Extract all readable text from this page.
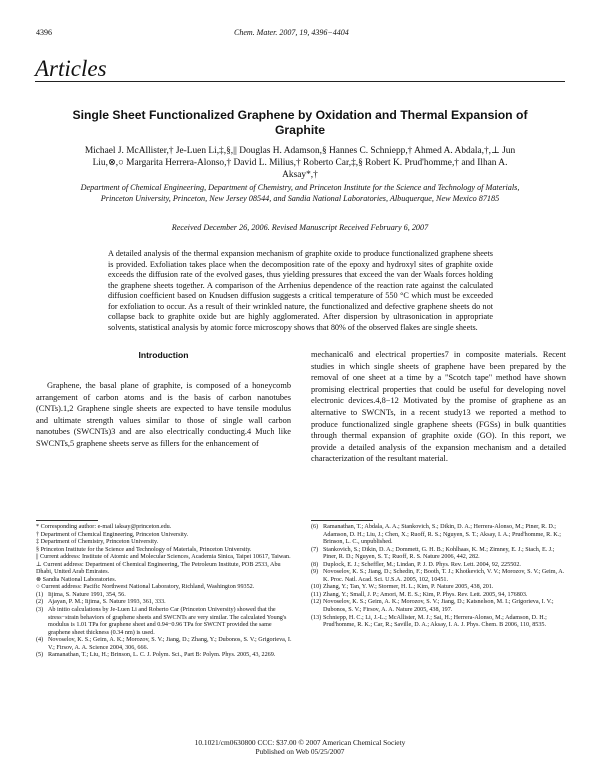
4396	Chem. Mater. 2007, 19, 4396−4404
Articles
Single Sheet Functionalized Graphene by Oxidation and Thermal Expansion of Graphite
Michael J. McAllister,† Je-Luen Li,‡,§,|| Douglas H. Adamson,§ Hannes C. Schniepp,† Ahmed A. Abdala,†,⊥ Jun Liu,⊗,○ Margarita Herrera-Alonso,† David L. Milius,† Roberto Car,‡,§ Robert K. Prud'homme,† and Ilhan A. Aksay*,†
Department of Chemical Engineering, Department of Chemistry, and Princeton Institute for the Science and Technology of Materials, Princeton University, Princeton, New Jersey 08544, and Sandia National Laboratories, Albuquerque, New Mexico 87185
Received December 26, 2006. Revised Manuscript Received February 6, 2007

A detailed analysis of the thermal expansion mechanism of graphite oxide to produce functionalized graphene sheets is provided. Exfoliation takes place when the decomposition rate of the epoxy and hydroxyl sites of graphite oxide exceeds the diffusion rate of the evolved gases, thus yielding pressures that exceed the van der Waals forces holding the graphene sheets together. A comparison of the Arrhenius dependence of the reaction rate against the calculated diffusion coefficient based on Knudsen diffusion suggests a critical temperature of 550 °C which must be exceeded for exfoliation to occur. As a result of their wrinkled nature, the functionalized and defective graphene sheets do not collapse back to graphite oxide but are highly agglomerated. After dispersion by ultrasonication in appropriate solvents, statistical analysis by atomic force microscopy shows that 80% of the observed flakes are single sheets.

Introduction

Graphene, the basal plane of graphite, is composed of a honeycomb arrangement of carbon atoms and is the basis of carbon nanotubes (CNTs).1,2 Graphene single sheets are expected to have tensile modulus and ultimate strength values similar to those of single wall carbon nanotubes (SWCNTs)3 and are also electrically conducting.4 Much like SWCNTs,5 graphene sheets serve as fillers for the enhancement of

mechanical6 and electrical properties7 in composite materials. Recent studies in which single sheets of graphene have been prepared by the removal of one sheet at a time by a "Scotch tape" method have shown promising electrical properties that could be useful for developing novel electronic devices.4,8−12 Motivated by the promise of graphene as an alternative to SWCNTs, in a recent study13 we reported a method to produce functionalized single graphene sheets (FGSs) in bulk quantities through thermal expansion of graphite oxide (GO). In this report, we provide a detailed analysis of the expansion mechanism and a detailed characterization of the resultant material.

* Corresponding author: e-mail iaksay@princeton.edu.
† Department of Chemical Engineering, Princeton University.
‡ Department of Chemistry, Princeton University.
§ Princeton Institute for the Science and Technology of Materials, Princeton University.
|| Current address: Institute of Atomic and Molecular Sciences, Academia Sinica, Taipei 10617, Taiwan.
⊥ Current address: Department of Chemical Engineering, The Petroleum Institute, POB 2533, Abu Dhabi, United Arab Emirates.
⊗ Sandia National Laboratories.
○ Current address: Pacific Northwest National Laboratory, Richland, Washington 99352.
(1) Iijima, S. Nature 1991, 354, 56.
(2) Ajayan, P. M.; Iijima, S. Nature 1993, 361, 333.
(3) Ab initio calculations by Je-Luen Li and Roberto Car (Princeton University) showed that the stress−strain behaviors of graphene sheets and SWCNTs are very similar. The calculated Young's modulus is 1.01 TPa for graphene sheet and 0.94−0.96 TPa for SWCNT provided the same graphene sheet thickness (0.34 nm) is used.
(4) Novoselov, K. S.; Geim, A. K.; Morozov, S. V.; Jiang, D.; Zhang, Y.; Dubonos, S. V.; Grigorieva, I. V.; Firsov, A. A. Science 2004, 306, 666.
(5) Ramanathan, T.; Liu, H.; Brinson, L. C. J. Polym. Sci., Part B: Polym. Phys. 2005, 43, 2269.
(6) Ramanathan, T.; Abdala, A. A.; Stankovich, S.; Dikin, D. A.; Herrera-Alonso, M.; Piner, R. D.; Adamson, D. H.; Liu, J.; Chen, X.; Ruoff, R. S.; Nguyen, S. T.; Aksay, I. A.; Prud'homme, R. K.; Brinson, L. C., unpublished.
(7) Stankovich, S.; Dikin, D. A.; Dommett, G. H. B.; Kohlhaas, K. M.; Zimney, E. J.; Stach, E. J.; Piner, R. D.; Nguyen, S. T.; Ruoff, R. S. Nature 2006, 442, 282.
(8) Duplock, E. J.; Scheffler, M.; Lindan, P. J. D. Phys. Rev. Lett. 2004, 92, 225502.
(9) Novoselov, K. S.; Jiang, D.; Schedin, F.; Booth, T. J.; Khotkevich, V. V.; Morozov, S. V.; Geim, A. K. Proc. Natl. Acad. Sci. U.S.A. 2005, 102, 10451.
(10) Zhang, Y.; Tan, Y. W.; Stormer, H. L.; Kim, P. Nature 2005, 438, 201.
(11) Zhang, Y.; Small, J. P.; Amori, M. E. S.; Kim, P. Phys. Rev. Lett. 2005, 94, 176803.
(12) Novoselov, K. S.; Geim, A. K.; Morozov, S. V.; Jiang, D.; Katsnelson, M. I.; Grigorieva, I. V.; Dubonos, S. V.; Firsov, A. A. Nature 2005, 438, 197.
(13) Schniepp, H. C.; Li, J.-L.; McAllister, M. J.; Sai, H.; Herrera-Alonso, M.; Adamson, D. H.; Prud'homme, R. K.; Car, R.; Saville, D. A.; Aksay, I. A. J. Phys. Chem. B 2006, 110, 8535.
10.1021/cm0630800 CCC: $37.00 © 2007 American Chemical Society
Published on Web 05/25/2007
